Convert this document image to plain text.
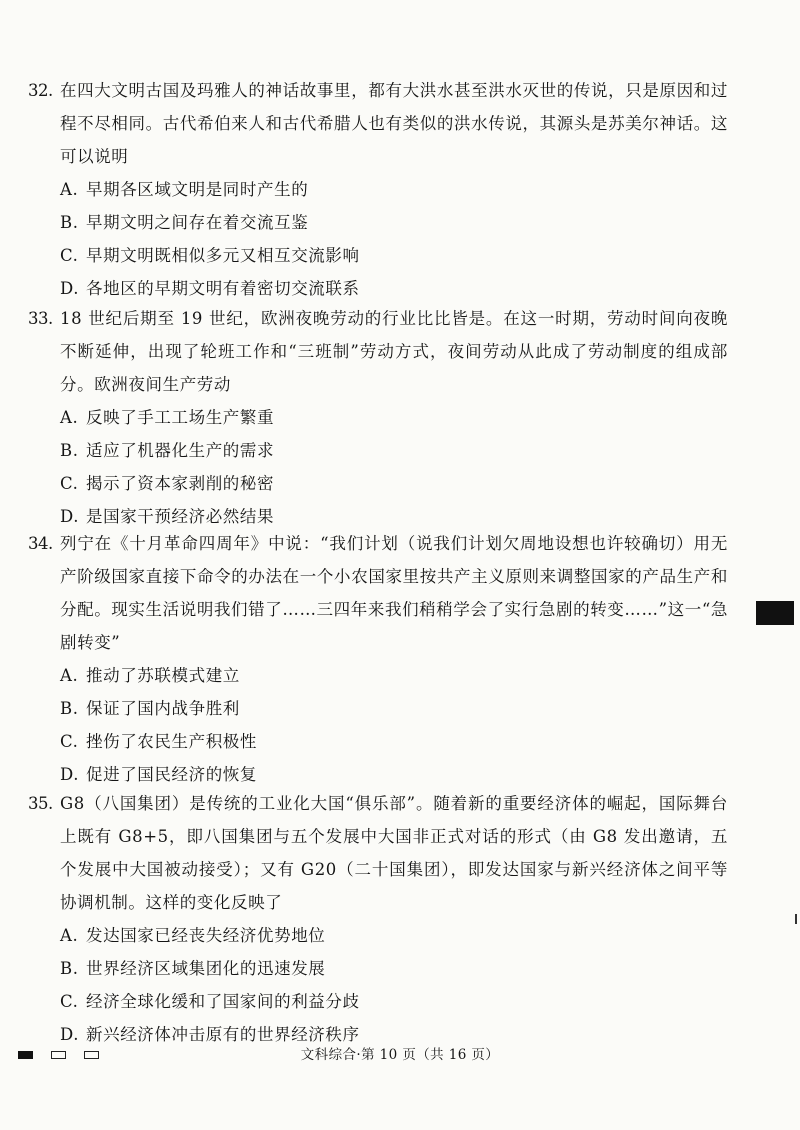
32. 在四大文明古国及玛雅人的神话故事里，都有大洪水甚至洪水灭世的传说，只是原因和过程不尽相同。古代希伯来人和古代希腊人也有类似的洪水传说，其源头是苏美尔神话。这可以说明
A. 早期各区域文明是同时产生的
B. 早期文明之间存在着交流互鉴
C. 早期文明既相似多元又相互交流影响
D. 各地区的早期文明有着密切交流联系
33. 18 世纪后期至 19 世纪，欧洲夜晚劳动的行业比比皆是。在这一时期，劳动时间向夜晚不断延伸，出现了轮班工作和“三班制”劳动方式，夜间劳动从此成了劳动制度的组成部分。欧洲夜间生产劳动
A. 反映了手工工场生产繁重
B. 适应了机器化生产的需求
C. 揭示了资本家剥削的秘密
D. 是国家干预经济必然结果
34. 列宁在《十月革命四周年》中说：“我们计划（说我们计划欠周地设想也许较确切）用无产阶级国家直接下命令的办法在一个小农国家里按共产主义原则来调整国家的产品生产和分配。现实生活说明我们错了……三四年来我们稍稍学会了实行急剧的转变……”这一“急剧转变”
A. 推动了苏联模式建立
B. 保证了国内战争胜利
C. 挫伤了农民生产积极性
D. 促进了国民经济的恢复
35. G8（八国集团）是传统的工业化大国“俱乐部”。随着新的重要经济体的崛起，国际舞台上既有 G8+5，即八国集团与五个发展中大国非正式对话的形式（由 G8 发出邀请，五个发展中大国被动接受）；又有 G20（二十国集团），即发达国家与新兴经济体之间平等协调机制。这样的变化反映了
A. 发达国家已经丧失经济优势地位
B. 世界经济区域集团化的迅速发展
C. 经济全球化缓和了国家间的利益分歧
D. 新兴经济体冲击原有的世界经济秩序
文科综合·第 10 页（共 16 页）
